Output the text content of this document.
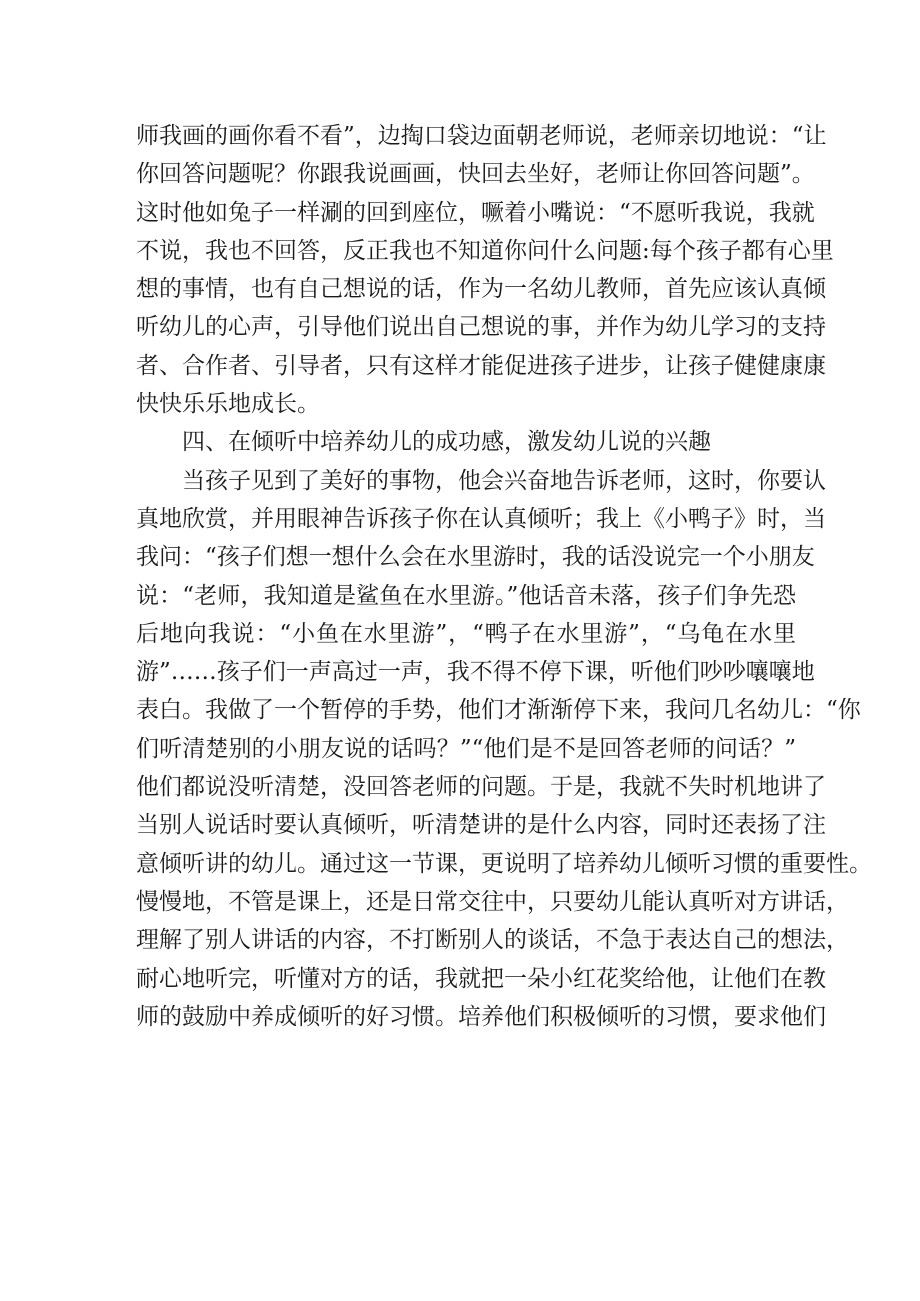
师我画的画你看不看”，边掏口袋边面朝老师说，老师亲切地说：“让
你回答问题呢？你跟我说画画，快回去坐好，老师让你回答问题”。
这时他如兔子一样涮的回到座位，噘着小嘴说：“不愿听我说，我就
不说，我也不回答，反正我也不知道你问什么问题:每个孩子都有心里
想的事情，也有自己想说的话，作为一名幼儿教师，首先应该认真倾
听幼儿的心声，引导他们说出自己想说的事，并作为幼儿学习的支持
者、合作者、引导者，只有这样才能促进孩子进步，让孩子健健康康
快快乐乐地成长。
四、在倾听中培养幼儿的成功感，激发幼儿说的兴趣
当孩子见到了美好的事物，他会兴奋地告诉老师，这时，你要认
真地欣赏，并用眼神告诉孩子你在认真倾听；我上《小鸭子》时，当
我问：“孩子们想一想什么会在水里游时，我的话没说完一个小朋友
说：“老师，我知道是鲨鱼在水里游。”他话音未落，孩子们争先恐
后地向我说：“小鱼在水里游”，“鸭子在水里游”，“乌龟在水里
游”……孩子们一声高过一声，我不得不停下课，听他们吵吵嚷嚷地
表白。我做了一个暂停的手势，他们才渐渐停下来，我问几名幼儿：“你
们听清楚别的小朋友说的话吗？”“他们是不是回答老师的问话？”
他们都说没听清楚，没回答老师的问题。于是，我就不失时机地讲了
当别人说话时要认真倾听，听清楚讲的是什么内容，同时还表扬了注
意倾听讲的幼儿。通过这一节课，更说明了培养幼儿倾听习惯的重要性。
慢慢地，不管是课上，还是日常交往中，只要幼儿能认真听对方讲话，
理解了别人讲话的内容，不打断别人的谈话，不急于表达自己的想法，
耐心地听完，听懂对方的话，我就把一朵小红花奖给他，让他们在教
师的鼓励中养成倾听的好习惯。培养他们积极倾听的习惯，要求他们
